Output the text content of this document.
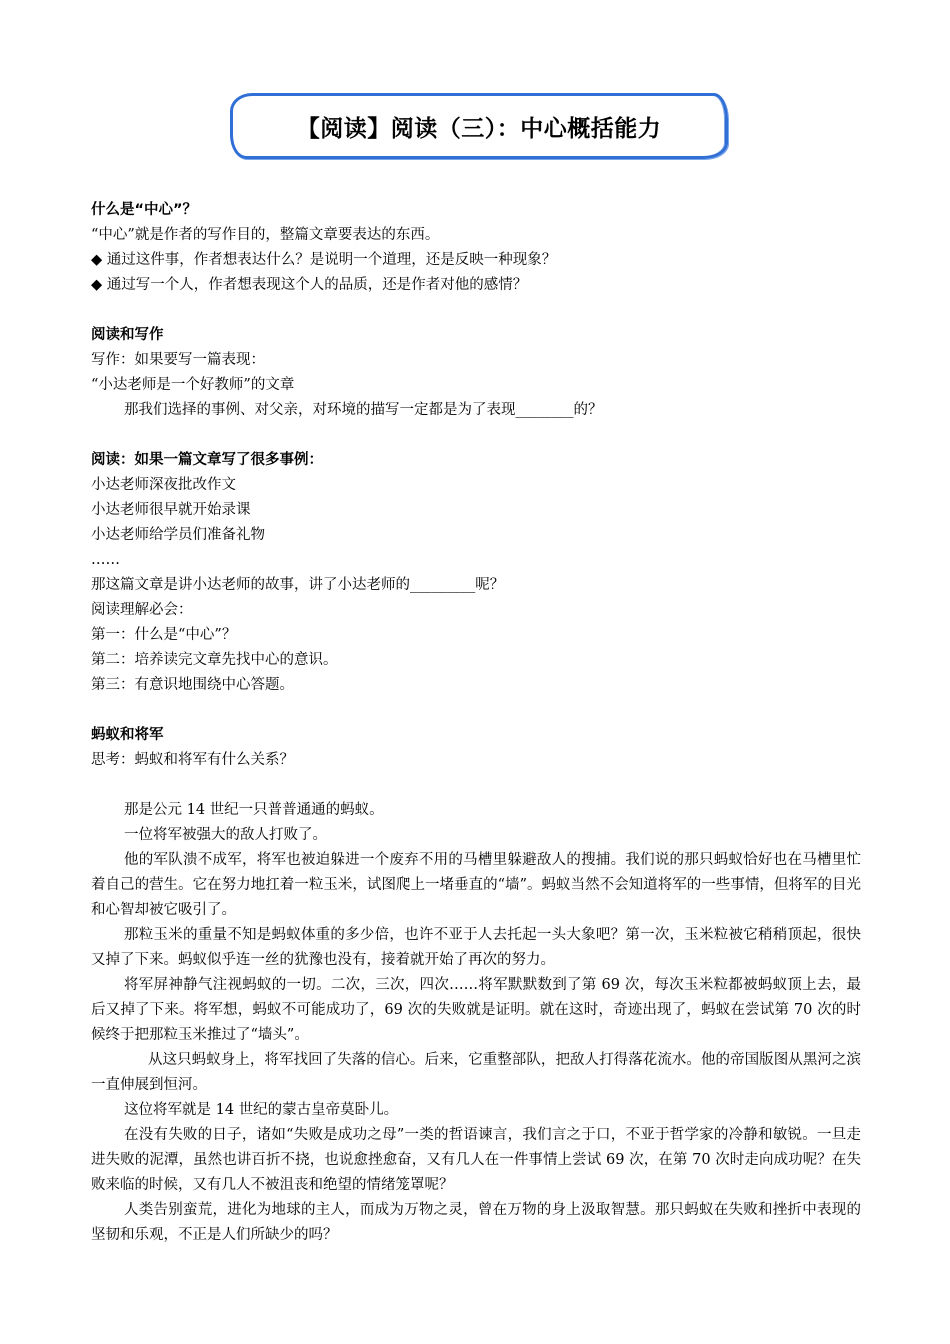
【阅读】阅读（三）：中心概括能力
什么是“中心”？
“中心”就是作者的写作目的，整篇文章要表达的东西。
◆ 通过这件事，作者想表达什么？是说明一个道理，还是反映一种现象？
◆ 通过写一个人，作者想表现这个人的品质，还是作者对他的感情？
阅读和写作
写作：如果要写一篇表现：
“小达老师是一个好教师”的文章
那我们选择的事例、对父亲，对环境的描写一定都是为了表现________的？
阅读：如果一篇文章写了很多事例：
小达老师深夜批改作文
小达老师很早就开始录课
小达老师给学员们准备礼物
……
那这篇文章是讲小达老师的故事，讲了小达老师的_________呢？
阅读理解必会：
第一：什么是“中心”？
第二：培养读完文章先找中心的意识。
第三：有意识地围绕中心答题。
蚂蚁和将军
思考：蚂蚁和将军有什么关系？
那是公元 14 世纪一只普普通通的蚂蚁。
一位将军被强大的敌人打败了。
他的军队溃不成军，将军也被迫躲进一个废弃不用的马槽里躲避敌人的搜捕。我们说的那只蚂蚁恰好也在马槽里忙着自己的营生。它在努力地扛着一粒玉米，试图爬上一堵垂直的“墙”。蚂蚁当然不会知道将军的一些事情，但将军的目光和心智却被它吸引了。
那粒玉米的重量不知是蚂蚁体重的多少倍，也许不亚于人去托起一头大象吧？第一次，玉米粒被它稍稍顶起，很快又掉了下来。蚂蚁似乎连一丝的犹豫也没有，接着就开始了再次的努力。
将军屏神静气注视蚂蚁的一切。二次，三次，四次……将军默默数到了第 69 次，每次玉米粒都被蚂蚁顶上去，最后又掉了下来。将军想，蚂蚁不可能成功了，69 次的失败就是证明。就在这时，奇迹出现了，蚂蚁在尝试第 70 次的时候终于把那粒玉米推过了“墙头”。
从这只蚂蚁身上，将军找回了失落的信心。后来，它重整部队，把敌人打得落花流水。他的帝国版图从黑河之滨一直伸展到恒河。
这位将军就是 14 世纪的蒙古皇帝莫卧儿。
在没有失败的日子，诸如“失败是成功之母”一类的哲语谏言，我们言之于口，不亚于哲学家的冷静和敏锐。一旦走进失败的泥潭，虽然也讲百折不挠，也说愈挫愈奋，又有几人在一件事情上尝试 69 次，在第 70 次时走向成功呢？在失败来临的时候，又有几人不被沮丧和绝望的情绪笼罩呢？
人类告别蛮荒，进化为地球的主人，而成为万物之灵，曾在万物的身上汲取智慧。那只蚂蚁在失败和挫折中表现的坚韧和乐观，不正是人们所缺少的吗？
